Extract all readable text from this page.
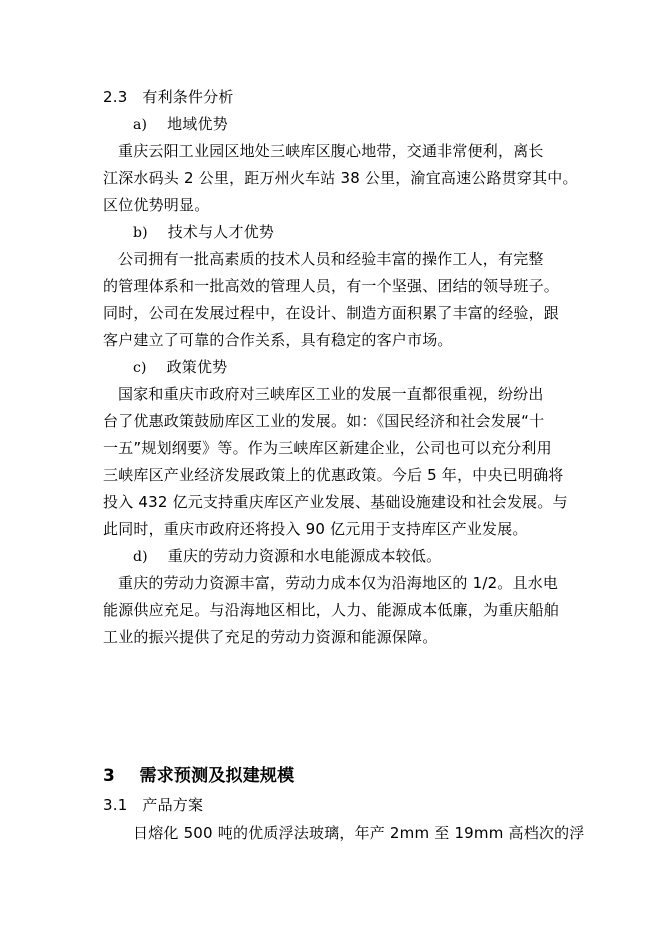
2.3 有利条件分析
a) 地域优势
重庆云阳工业园区地处三峡库区腹心地带，交通非常便利，离长
江深水码头 2 公里，距万州火车站 38 公里，渝宜高速公路贯穿其中。
区位优势明显。
b) 技术与人才优势
公司拥有一批高素质的技术人员和经验丰富的操作工人，有完整
的管理体系和一批高效的管理人员，有一个坚强、团结的领导班子。
同时，公司在发展过程中，在设计、制造方面积累了丰富的经验，跟
客户建立了可靠的合作关系，具有稳定的客户市场。
c) 政策优势
国家和重庆市政府对三峡库区工业的发展一直都很重视，纷纷出
台了优惠政策鼓励库区工业的发展。如：《国民经济和社会发展“十
一五”规划纲要》等。作为三峡库区新建企业，公司也可以充分利用
三峡库区产业经济发展政策上的优惠政策。今后 5 年，中央已明确将
投入 432 亿元支持重庆库区产业发展、基础设施建设和社会发展。与
此同时，重庆市政府还将投入 90 亿元用于支持库区产业发展。
d) 重庆的劳动力资源和水电能源成本较低。
重庆的劳动力资源丰富，劳动力成本仅为沿海地区的 1/2。且水电
能源供应充足。与沿海地区相比，人力、能源成本低廉，为重庆船舶
工业的振兴提供了充足的劳动力资源和能源保障。
3 需求预测及拟建规模
3.1 产品方案
日熔化 500 吨的优质浮法玻璃，年产 2mm 至 19mm 高档次的浮
